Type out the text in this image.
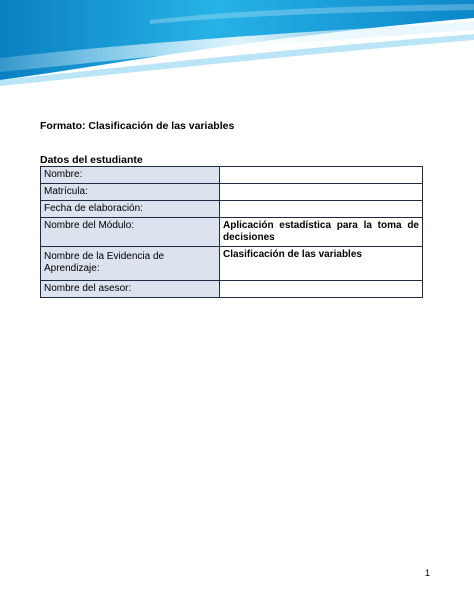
Formato: Clasificación de las variables
Datos del estudiante
Nombre:	
Matrícula:	
Fecha de elaboración:	
Nombre del Módulo:	Aplicación estadística para la toma de decisiones
Nombre de la Evidencia de Aprendizaje:	Clasificación de las variables
Nombre del asesor:	
1
